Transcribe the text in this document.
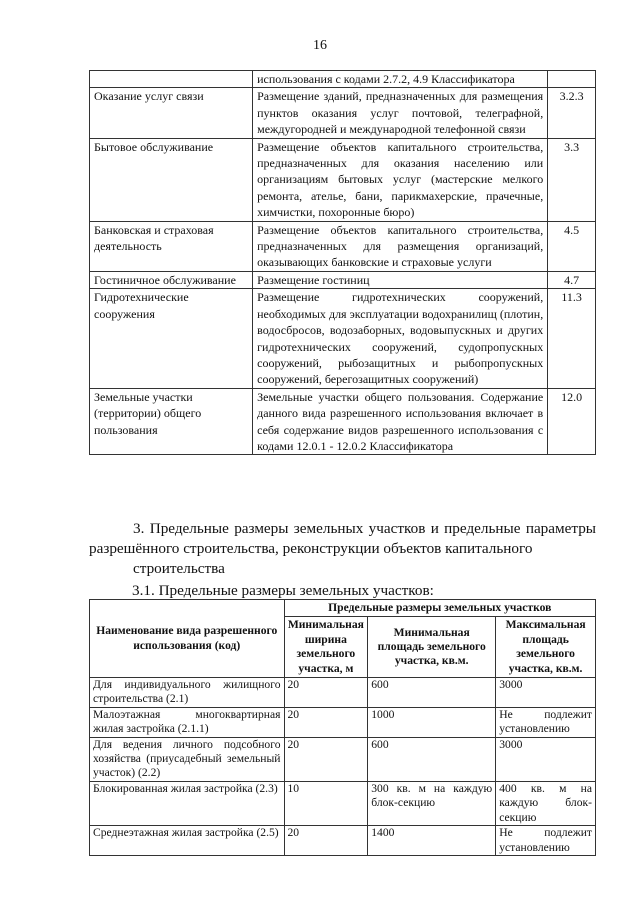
16
	использования с кодами 2.7.2, 4.9 Классификатора	
Оказание услуг связи	Размещение зданий, предназначенных для размещения пунктов оказания услуг почтовой, телеграфной, междугородней и международной телефонной связи	3.2.3
Бытовое обслуживание	Размещение объектов капитального строительства, предназначенных для оказания населению или организациям бытовых услуг (мастерские мелкого ремонта, ателье, бани, парикмахерские, прачечные, химчистки, похоронные бюро)	3.3
Банковская и страховая деятельность	Размещение объектов капитального строительства, предназначенных для размещения организаций, оказывающих банковские и страховые услуги	4.5
Гостиничное обслуживание	Размещение гостиниц	4.7
Гидротехнические сооружения	Размещение гидротехнических сооружений, необходимых для эксплуатации водохранилищ (плотин, водосбросов, водозаборных, водовыпускных и других гидротехнических сооружений, судопропускных сооружений, рыбозащитных и рыбопропускных сооружений, берегозащитных сооружений)	11.3
Земельные участки (территории) общего пользования	Земельные участки общего пользования. Содержание данного вида разрешенного использования включает в себя содержание видов разрешенного использования с кодами 12.0.1 - 12.0.2 Классификатора	12.0
3. Предельные размеры земельных участков и предельные параметры разрешённого строительства, реконструкции объектов капитального
строительства
3.1. Предельные размеры земельных участков:
Наименование вида разрешенного использования (код)	Предельные размеры земельных участков		
	Минимальная ширина земельного участка, м	Минимальная площадь земельного участка, кв.м.	Максимальная площадь земельного участка, кв.м.
Для индивидуального жилищного строительства (2.1)	20	600	3000
Малоэтажная многоквартирная жилая застройка (2.1.1)	20	1000	Не подлежит установлению
Для ведения личного подсобного хозяйства (приусадебный земельный участок) (2.2)	20	600	3000
Блокированная жилая застройка (2.3)	10	300 кв. м на каждую блок-секцию	400 кв. м на каждую блок-секцию
Среднеэтажная жилая застройка (2.5)	20	1400	Не подлежит установлению
